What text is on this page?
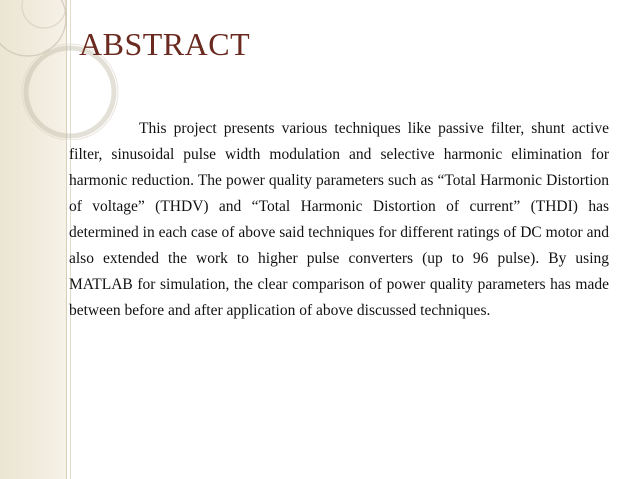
ABSTRACT

This project presents various techniques like passive filter, shunt active filter, sinusoidal pulse width modulation and selective harmonic elimination for harmonic reduction. The power quality parameters such as “Total Harmonic Distortion of voltage” (THDV) and “Total Harmonic Distortion of current” (THDI) has determined in each case of above said techniques for different ratings of DC motor and also extended the work to higher pulse converters (up to 96 pulse). By using MATLAB for simulation, the clear comparison of power quality parameters has made between before and after application of above discussed techniques.
